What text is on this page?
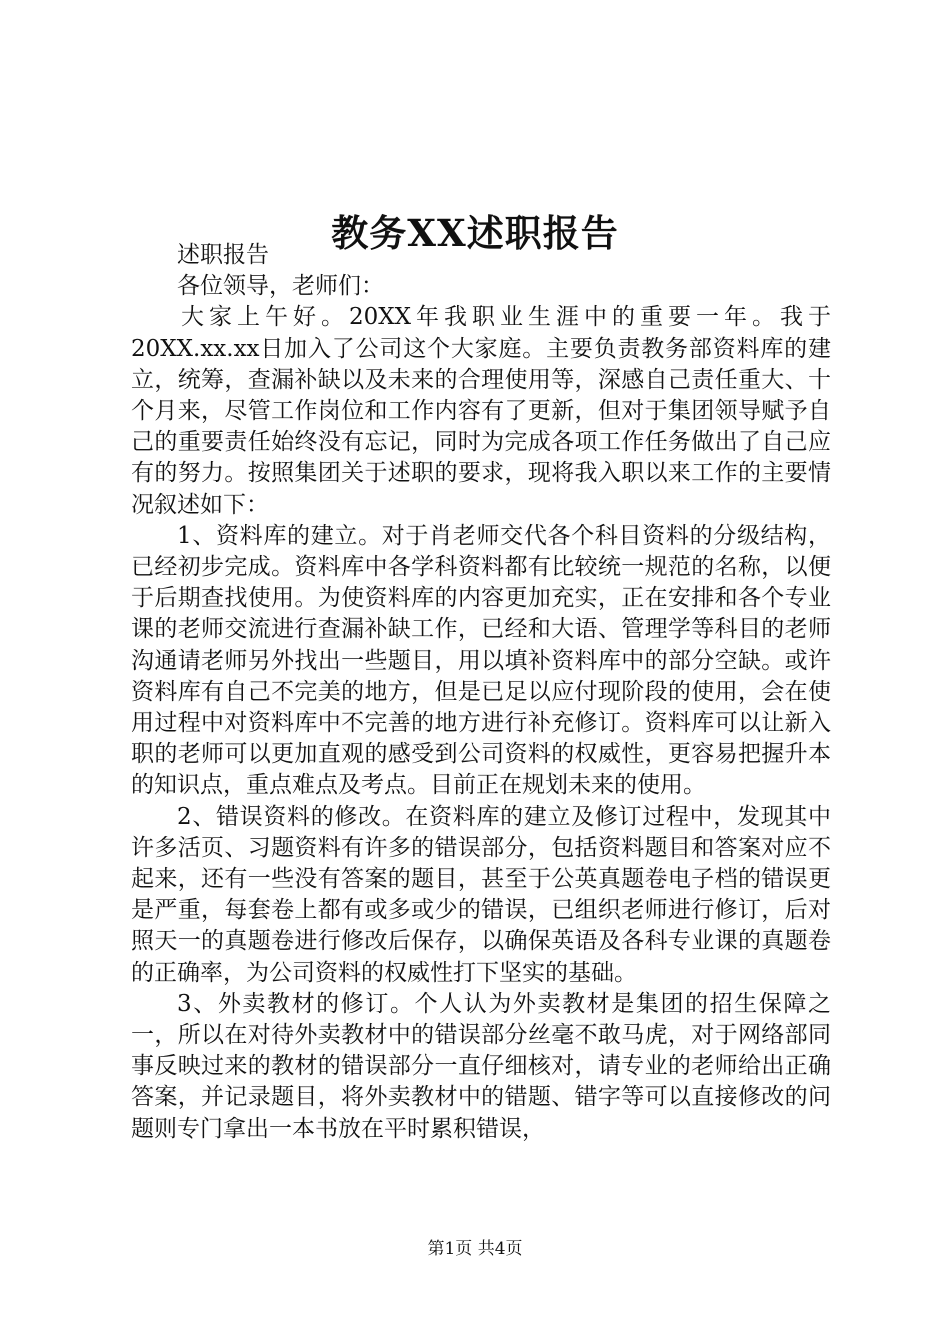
教务XX述职报告

述职报告

各位领导，老师们：

大家上午好。20XX年我职业生涯中的重要一年。我于20XX.xx.xx日加入了公司这个大家庭。主要负责教务部资料库的建立，统筹，查漏补缺以及未来的合理使用等，深感自己责任重大、十个月来，尽管工作岗位和工作内容有了更新，但对于集团领导赋予自己的重要责任始终没有忘记，同时为完成各项工作任务做出了自己应有的努力。按照集团关于述职的要求，现将我入职以来工作的主要情况叙述如下：

1、资料库的建立。对于肖老师交代各个科目资料的分级结构，已经初步完成。资料库中各学科资料都有比较统一规范的名称，以便于后期查找使用。为使资料库的内容更加充实，正在安排和各个专业课的老师交流进行查漏补缺工作，已经和大语、管理学等科目的老师沟通请老师另外找出一些题目，用以填补资料库中的部分空缺。或许资料库有自己不完美的地方，但是已足以应付现阶段的使用，会在使用过程中对资料库中不完善的地方进行补充修订。资料库可以让新入职的老师可以更加直观的感受到公司资料的权威性，更容易把握升本的知识点，重点难点及考点。目前正在规划未来的使用。

2、错误资料的修改。在资料库的建立及修订过程中，发现其中许多活页、习题资料有许多的错误部分，包括资料题目和答案对应不起来，还有一些没有答案的题目，甚至于公英真题卷电子档的错误更是严重，每套卷上都有或多或少的错误，已组织老师进行修订，后对照天一的真题卷进行修改后保存，以确保英语及各科专业课的真题卷的正确率，为公司资料的权威性打下坚实的基础。

3、外卖教材的修订。个人认为外卖教材是集团的招生保障之一，所以在对待外卖教材中的错误部分丝毫不敢马虎，对于网络部同事反映过来的教材的错误部分一直仔细核对，请专业的老师给出正确答案，并记录题目，将外卖教材中的错题、错字等可以直接修改的问题则专门拿出一本书放在平时累积错误，

第1页 共4页
